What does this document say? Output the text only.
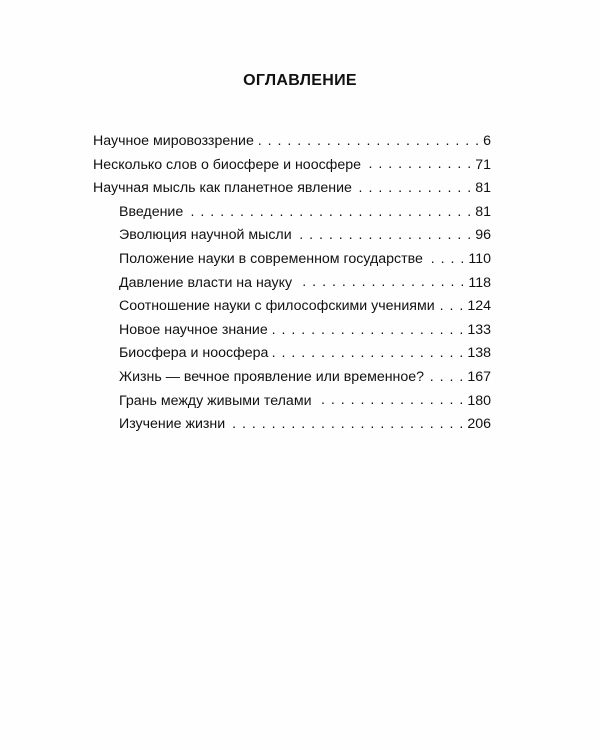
ОГЛАВЛЕНИЕ
Научное мировоззрение . . .	6
Несколько слов о биосфере и ноосфере . . .	71
Научная мысль как планетное явление . . .	81
Введение . . .	81
Эволюция научной мысли . . .	96
Положение науки в современном государстве . . .	110
Давление власти на науку . . .	118
Соотношение науки с философскими учениями . . . 124
Новое научное знание . . .	133
Биосфера и ноосфера . . .	138
Жизнь — вечное проявление или временное? . . .	167
Грань между живыми телами . . .	180
Изучение жизни . . .	206
